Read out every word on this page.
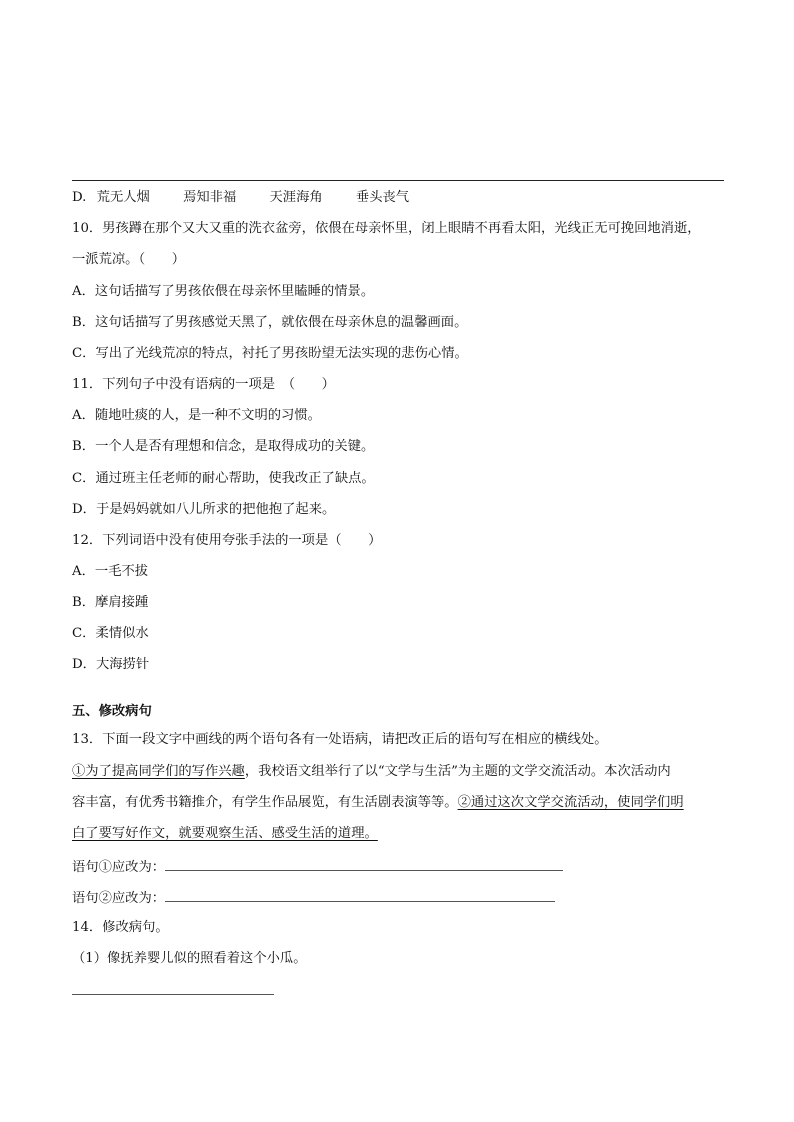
D. 荒无人烟 焉知非福 天涯海角 垂头丧气
10．男孩蹲在那个又大又重的洗衣盆旁，依偎在母亲怀里，闭上眼睛不再看太阳，光线正无可挽回地消逝，
一派荒凉。（　　）
A．这句话描写了男孩依偎在母亲怀里瞌睡的情景。
B．这句话描写了男孩感觉天黑了，就依偎在母亲休息的温馨画面。
C．写出了光线荒凉的特点，衬托了男孩盼望无法实现的悲伤心情。
11．下列句子中没有语病的一项是　（　　）
A．随地吐痰的人，是一种不文明的习惯。
B．一个人是否有理想和信念，是取得成功的关键。
C．通过班主任老师的耐心帮助，使我改正了缺点。
D．于是妈妈就如八儿所求的把他抱了起来。
12．下列词语中没有使用夸张手法的一项是（　　）
A．一毛不拔
B．摩肩接踵
C．柔情似水
D．大海捞针
五、修改病句
13．下面一段文字中画线的两个语句各有一处语病，请把改正后的语句写在相应的横线处。
①为了提高同学们的写作兴趣，我校语文组举行了以“文学与生活”为主题的文学交流活动。本次活动内
容丰富，有优秀书籍推介，有学生作品展览，有生活剧表演等等。②通过这次文学交流活动，使同学们明
白了要写好作文，就要观察生活、感受生活的道理。
语句①应改为：
语句②应改为：
14．修改病句。
（1）像抚养婴儿似的照看着这个小瓜。
